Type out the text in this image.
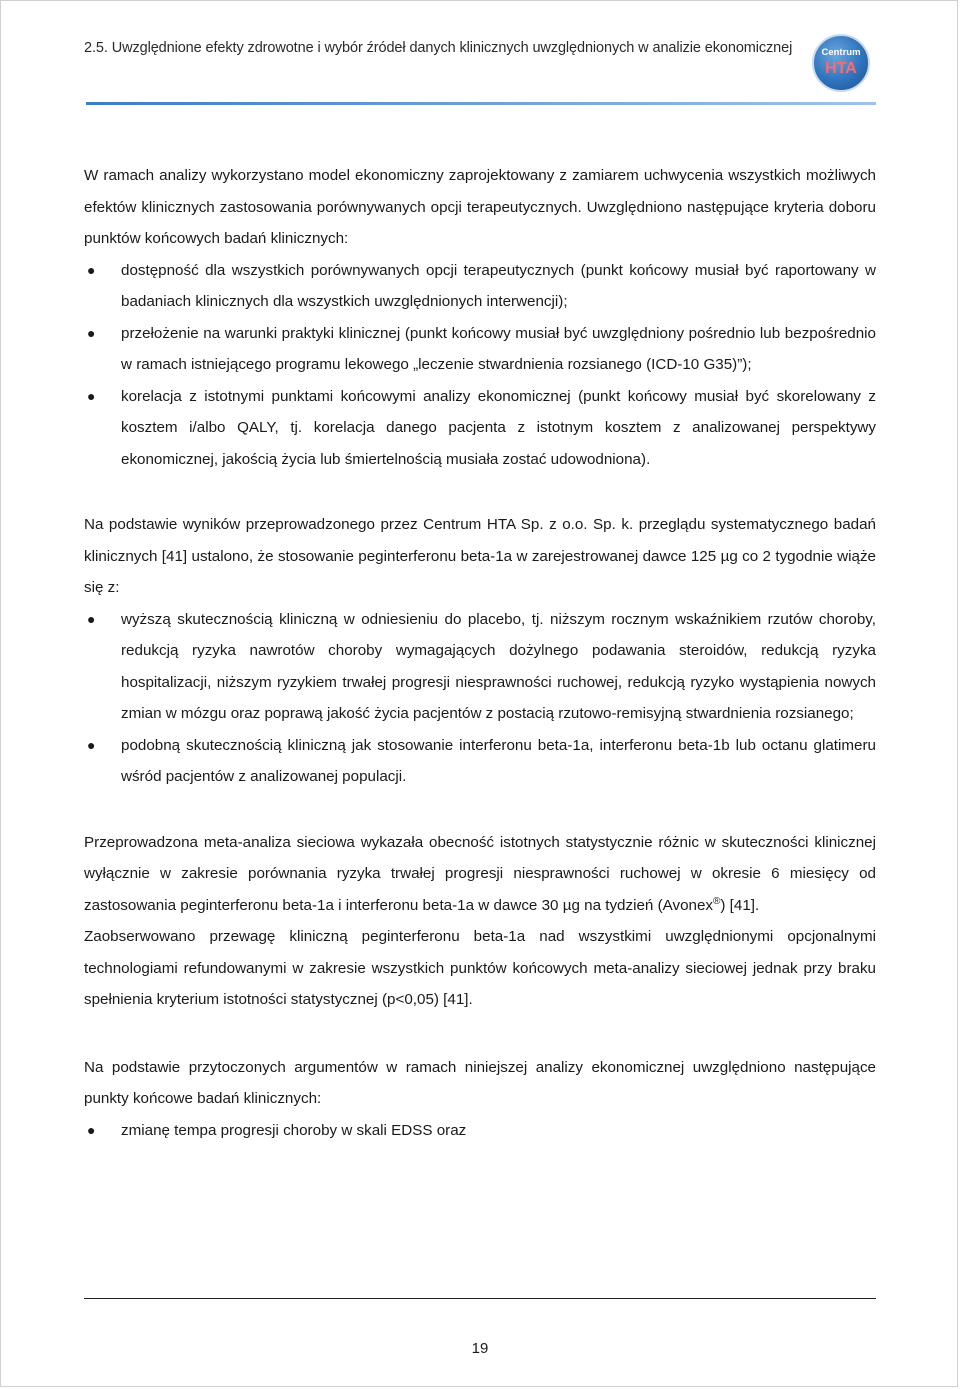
2.5. Uwzględnione efekty zdrowotne i wybór źródeł danych klinicznych uwzględnionych w analizie ekonomicznej	Centrum
HTA

W ramach analizy wykorzystano model ekonomiczny zaprojektowany z zamiarem uchwycenia wszystkich możliwych efektów klinicznych zastosowania porównywanych opcji terapeutycznych. Uwzględniono następujące kryteria doboru punktów końcowych badań klinicznych:

● dostępność dla wszystkich porównywanych opcji terapeutycznych (punkt końcowy musiał być raportowany w badaniach klinicznych dla wszystkich uwzględnionych interwencji);
● przełożenie na warunki praktyki klinicznej (punkt końcowy musiał być uwzględniony pośrednio lub bezpośrednio w ramach istniejącego programu lekowego „leczenie stwardnienia rozsianego (ICD-10 G35)”);
● korelacja z istotnymi punktami końcowymi analizy ekonomicznej (punkt końcowy musiał być skorelowany z kosztem i/albo QALY, tj. korelacja danego pacjenta z istotnym kosztem z analizowanej perspektywy ekonomicznej, jakością życia lub śmiertelnością musiała zostać udowodniona).

Na podstawie wyników przeprowadzonego przez Centrum HTA Sp. z o.o. Sp. k. przeglądu systematycznego badań klinicznych [41] ustalono, że stosowanie peginterferonu beta-1a w zarejestrowanej dawce 125 µg co 2 tygodnie wiąże się z:

● wyższą skutecznością kliniczną w odniesieniu do placebo, tj. niższym rocznym wskaźnikiem rzutów choroby, redukcją ryzyka nawrotów choroby wymagających dożylnego podawania steroidów, redukcją ryzyka hospitalizacji, niższym ryzykiem trwałej progresji niesprawności ruchowej, redukcją ryzyko wystąpienia nowych zmian w mózgu oraz poprawą jakość życia pacjentów z postacią rzutowo-remisyjną stwardnienia rozsianego;
● podobną skutecznością kliniczną jak stosowanie interferonu beta-1a, interferonu beta-1b lub octanu glatimeru wśród pacjentów z analizowanej populacji.

Przeprowadzona meta-analiza sieciowa wykazała obecność istotnych statystycznie różnic w skuteczności klinicznej wyłącznie w zakresie porównania ryzyka trwałej progresji niesprawności ruchowej w okresie 6 miesięcy od zastosowania peginterferonu beta-1a i interferonu beta-1a w dawce 30 µg na tydzień (Avonex®) [41].

Zaobserwowano przewagę kliniczną peginterferonu beta-1a nad wszystkimi uwzględnionymi opcjonalnymi technologiami refundowanymi w zakresie wszystkich punktów końcowych meta-analizy sieciowej jednak przy braku spełnienia kryterium istotności statystycznej (p<0,05) [41].

Na podstawie przytoczonych argumentów w ramach niniejszej analizy ekonomicznej uwzględniono następujące punkty końcowe badań klinicznych:

● zmianę tempa progresji choroby w skali EDSS oraz
19
